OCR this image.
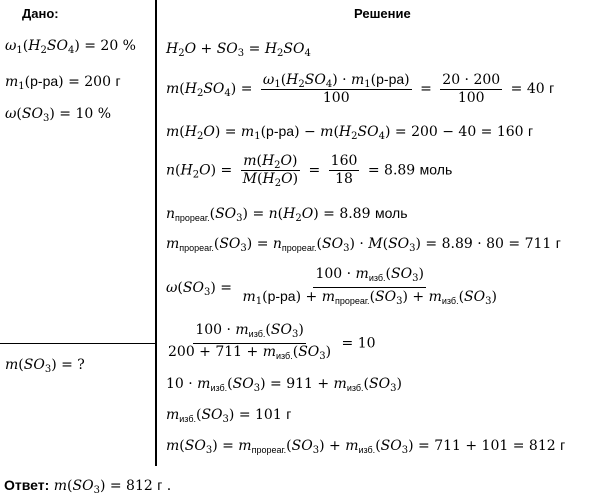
Дано:	Решение
$\omega_1(H_2SO_4) = 20$ %
$m_1(р-ра) = 200$ г
$\omega(SO_3) = 10$ %
$m(SO_3)$ = ?
$H_2O + SO_3 = H_2SO_4$
$m(H_2SO_4) = \frac{\omega_1(H_2SO_4) \cdot m_1(р-ра)}{100} = \frac{20 \cdot 200}{100} = 40$ г
$m(H_2O) = m_1(р-ра) - m(H_2SO_4) = 200 - 40 = 160$ г
$n(H_2O) = \frac{m(H_2O)}{M(H_2O)} = \frac{160}{18} = 8.89$ моль
$n_{прореаг.}(SO_3) = n(H_2O) = 8.89$ моль
$m_{прореаг.}(SO_3) = n_{прореаг.}(SO_3) \cdot M(SO_3) = 8.89 \cdot 80 = 711$ г
$\omega(SO_3) = \frac{100 \cdot m_{изб.}(SO_3)}{m_1(р-ра) + m_{прореаг.}(SO_3) + m_{изб.}(SO_3)}$
$\frac{100 \cdot m_{изб.}(SO_3)}{200 + 711 + m_{изб.}(SO_3)} = 10$
$10 \cdot m_{изб.}(SO_3) = 911 + m_{изб.}(SO_3)$
$m_{изб.}(SO_3) = 101$ г
$m(SO_3) = m_{прореаг.}(SO_3) + m_{изб.}(SO_3) = 711 + 101 = 812$ г
Ответ: $m(SO_3) = 812$ г .
